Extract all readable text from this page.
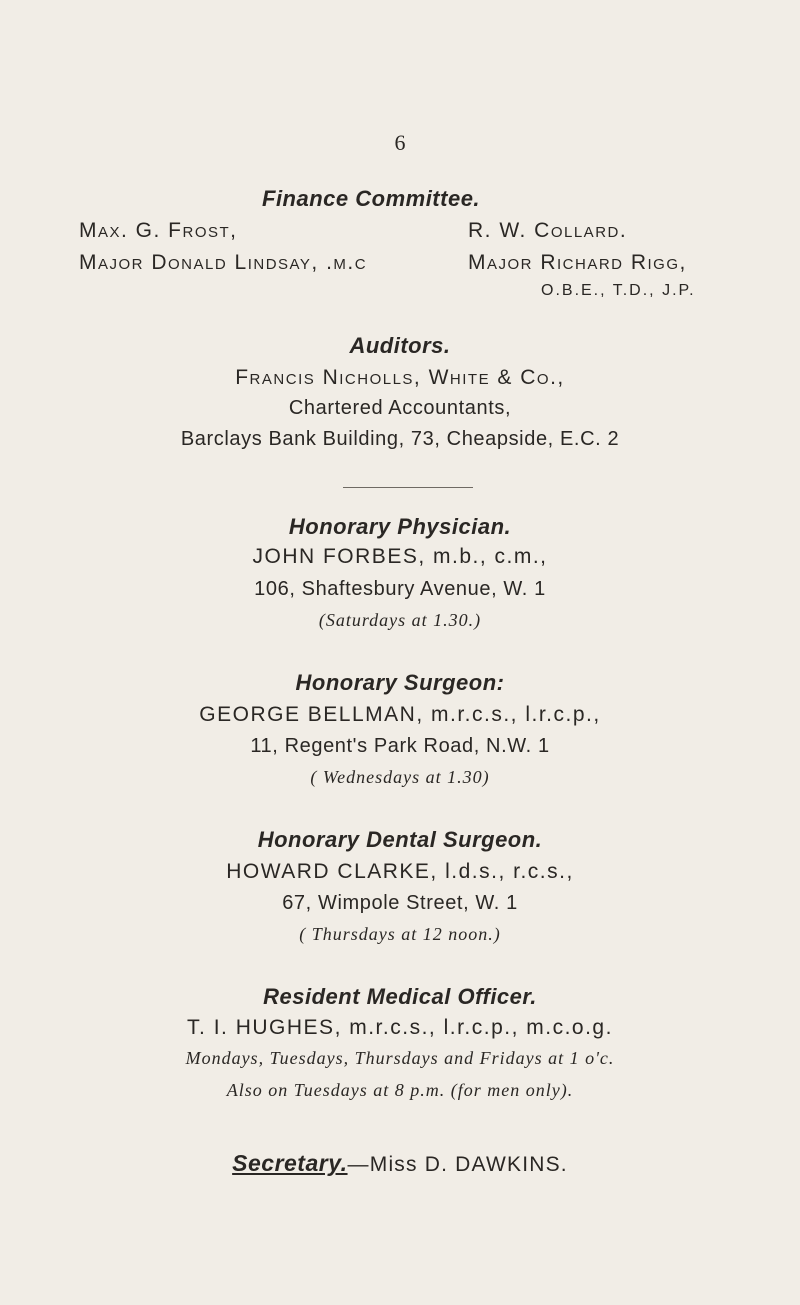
6
Finance Committee.
Max. G. Frost,	R. W. Collard.
Major Donald Lindsay, .m.c	Major Richard Rigg,
O.B.E., T.D., J.P.
Auditors.
Francis Nicholls, White & Co.,
Chartered Accountants,
Barclays Bank Building, 73, Cheapside, E.C. 2
Honorary Physician.
JOHN FORBES, m.b., c.m.,
106, Shaftesbury Avenue, W. 1
(Saturdays at 1.30.)
Honorary Surgeon:
GEORGE BELLMAN, m.r.c.s., l.r.c.p.,
11, Regent's Park Road, N.W. 1
( Wednesdays at 1.30)
Honorary Dental Surgeon.
HOWARD CLARKE, l.d.s., r.c.s.,
67, Wimpole Street, W. 1
( Thursdays at 12 noon.)
Resident Medical Officer.
T. I. HUGHES, m.r.c.s., l.r.c.p., m.c.o.g.
Mondays, Tuesdays, Thursdays and Fridays at 1 o'c.
Also on Tuesdays at 8 p.m. (for men only).
Secretary.—Miss D. DAWKINS.
